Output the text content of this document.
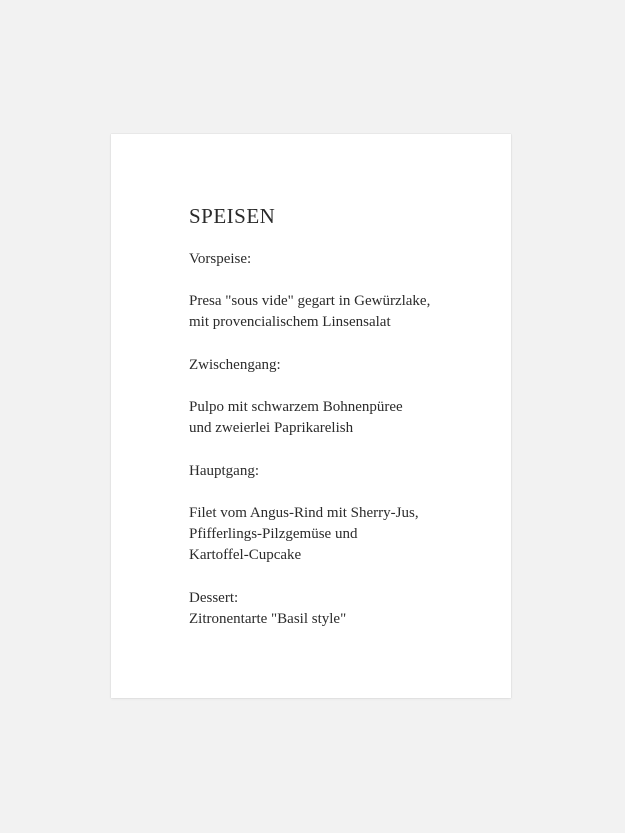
SPEISEN
Vorspeise:
Presa "sous vide" gegart in Gewürzlake,
mit provencialischem Linsensalat
Zwischengang:
Pulpo mit schwarzem Bohnenpüree
und zweierlei Paprikarelish
Hauptgang:
Filet vom Angus-Rind mit Sherry-Jus,
Pfifferlings-Pilzgemüse und
Kartoffel-Cupcake
Dessert:
Zitronentarte "Basil style"
